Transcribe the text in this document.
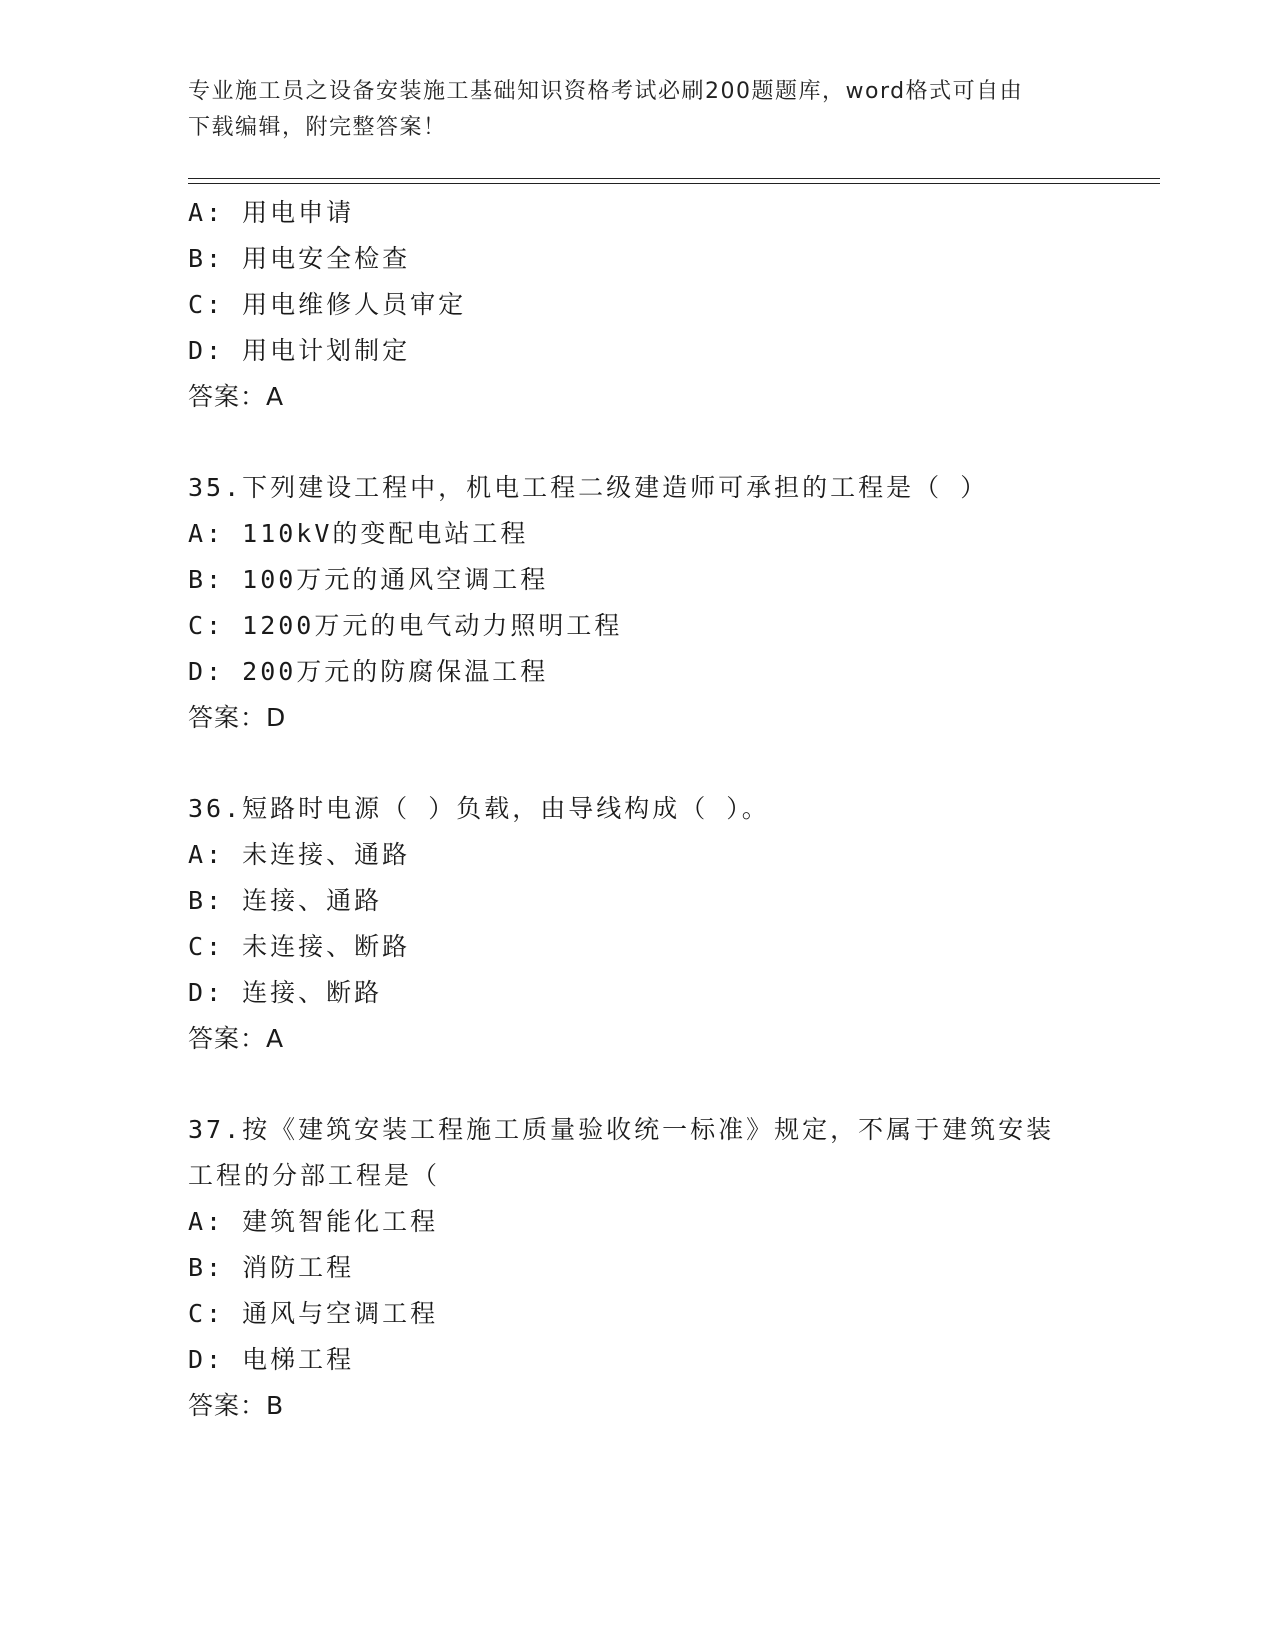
专业施工员之设备安装施工基础知识资格考试必刷200题题库，word格式可自由
下载编辑，附完整答案！
A: 用电申请
B: 用电安全检查
C: 用电维修人员审定
D: 用电计划制定
答案：A
35.下列建设工程中，机电工程二级建造师可承担的工程是（ ）
A: 110kV的变配电站工程
B: 100万元的通风空调工程
C: 1200万元的电气动力照明工程
D: 200万元的防腐保温工程
答案：D
36.短路时电源（ ）负载，由导线构成（ ）。
A: 未连接、通路
B: 连接、通路
C: 未连接、断路
D: 连接、断路
答案：A
37.按《建筑安装工程施工质量验收统一标准》规定，不属于建筑安装
工程的分部工程是（
A: 建筑智能化工程
B: 消防工程
C: 通风与空调工程
D: 电梯工程
答案：B
